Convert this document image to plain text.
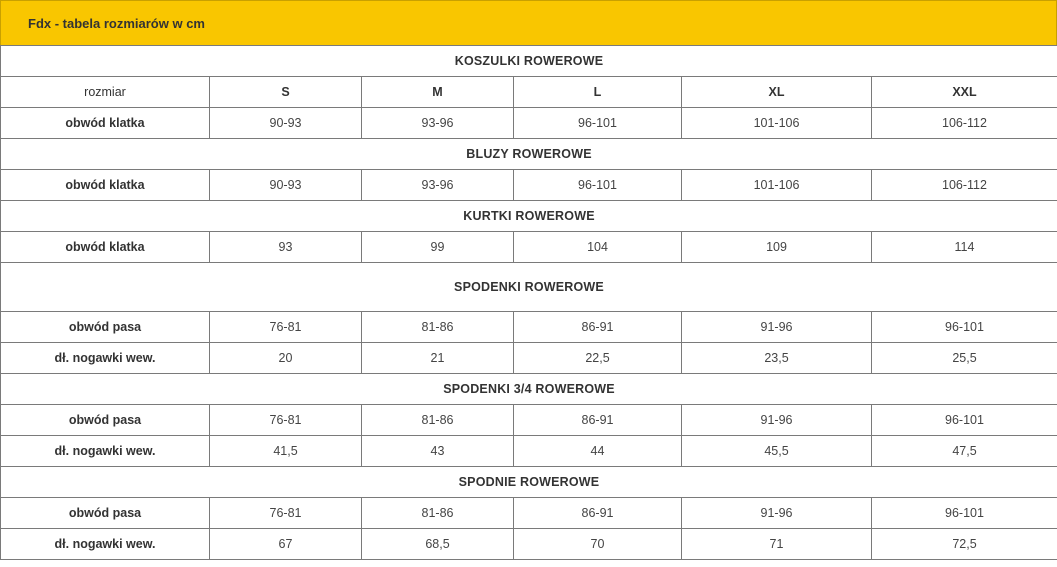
Fdx - tabela rozmiarów w cm
KOSZULKI ROWEROWE					
rozmiar	S	M	L	XL	XXL
obwód klatka	90-93	93-96	96-101	101-106	106-112
BLUZY ROWEROWE					
obwód klatka	90-93	93-96	96-101	101-106	106-112
KURTKI ROWEROWE					
obwód klatka	93	99	104	109	114
SPODENKI ROWEROWE					
obwód pasa	76-81	81-86	86-91	91-96	96-101
dł. nogawki wew.	20	21	22,5	23,5	25,5
SPODENKI 3/4 ROWEROWE					
obwód pasa	76-81	81-86	86-91	91-96	96-101
dł. nogawki wew.	41,5	43	44	45,5	47,5
SPODNIE ROWEROWE					
obwód pasa	76-81	81-86	86-91	91-96	96-101
dł. nogawki wew.	67	68,5	70	71	72,5
